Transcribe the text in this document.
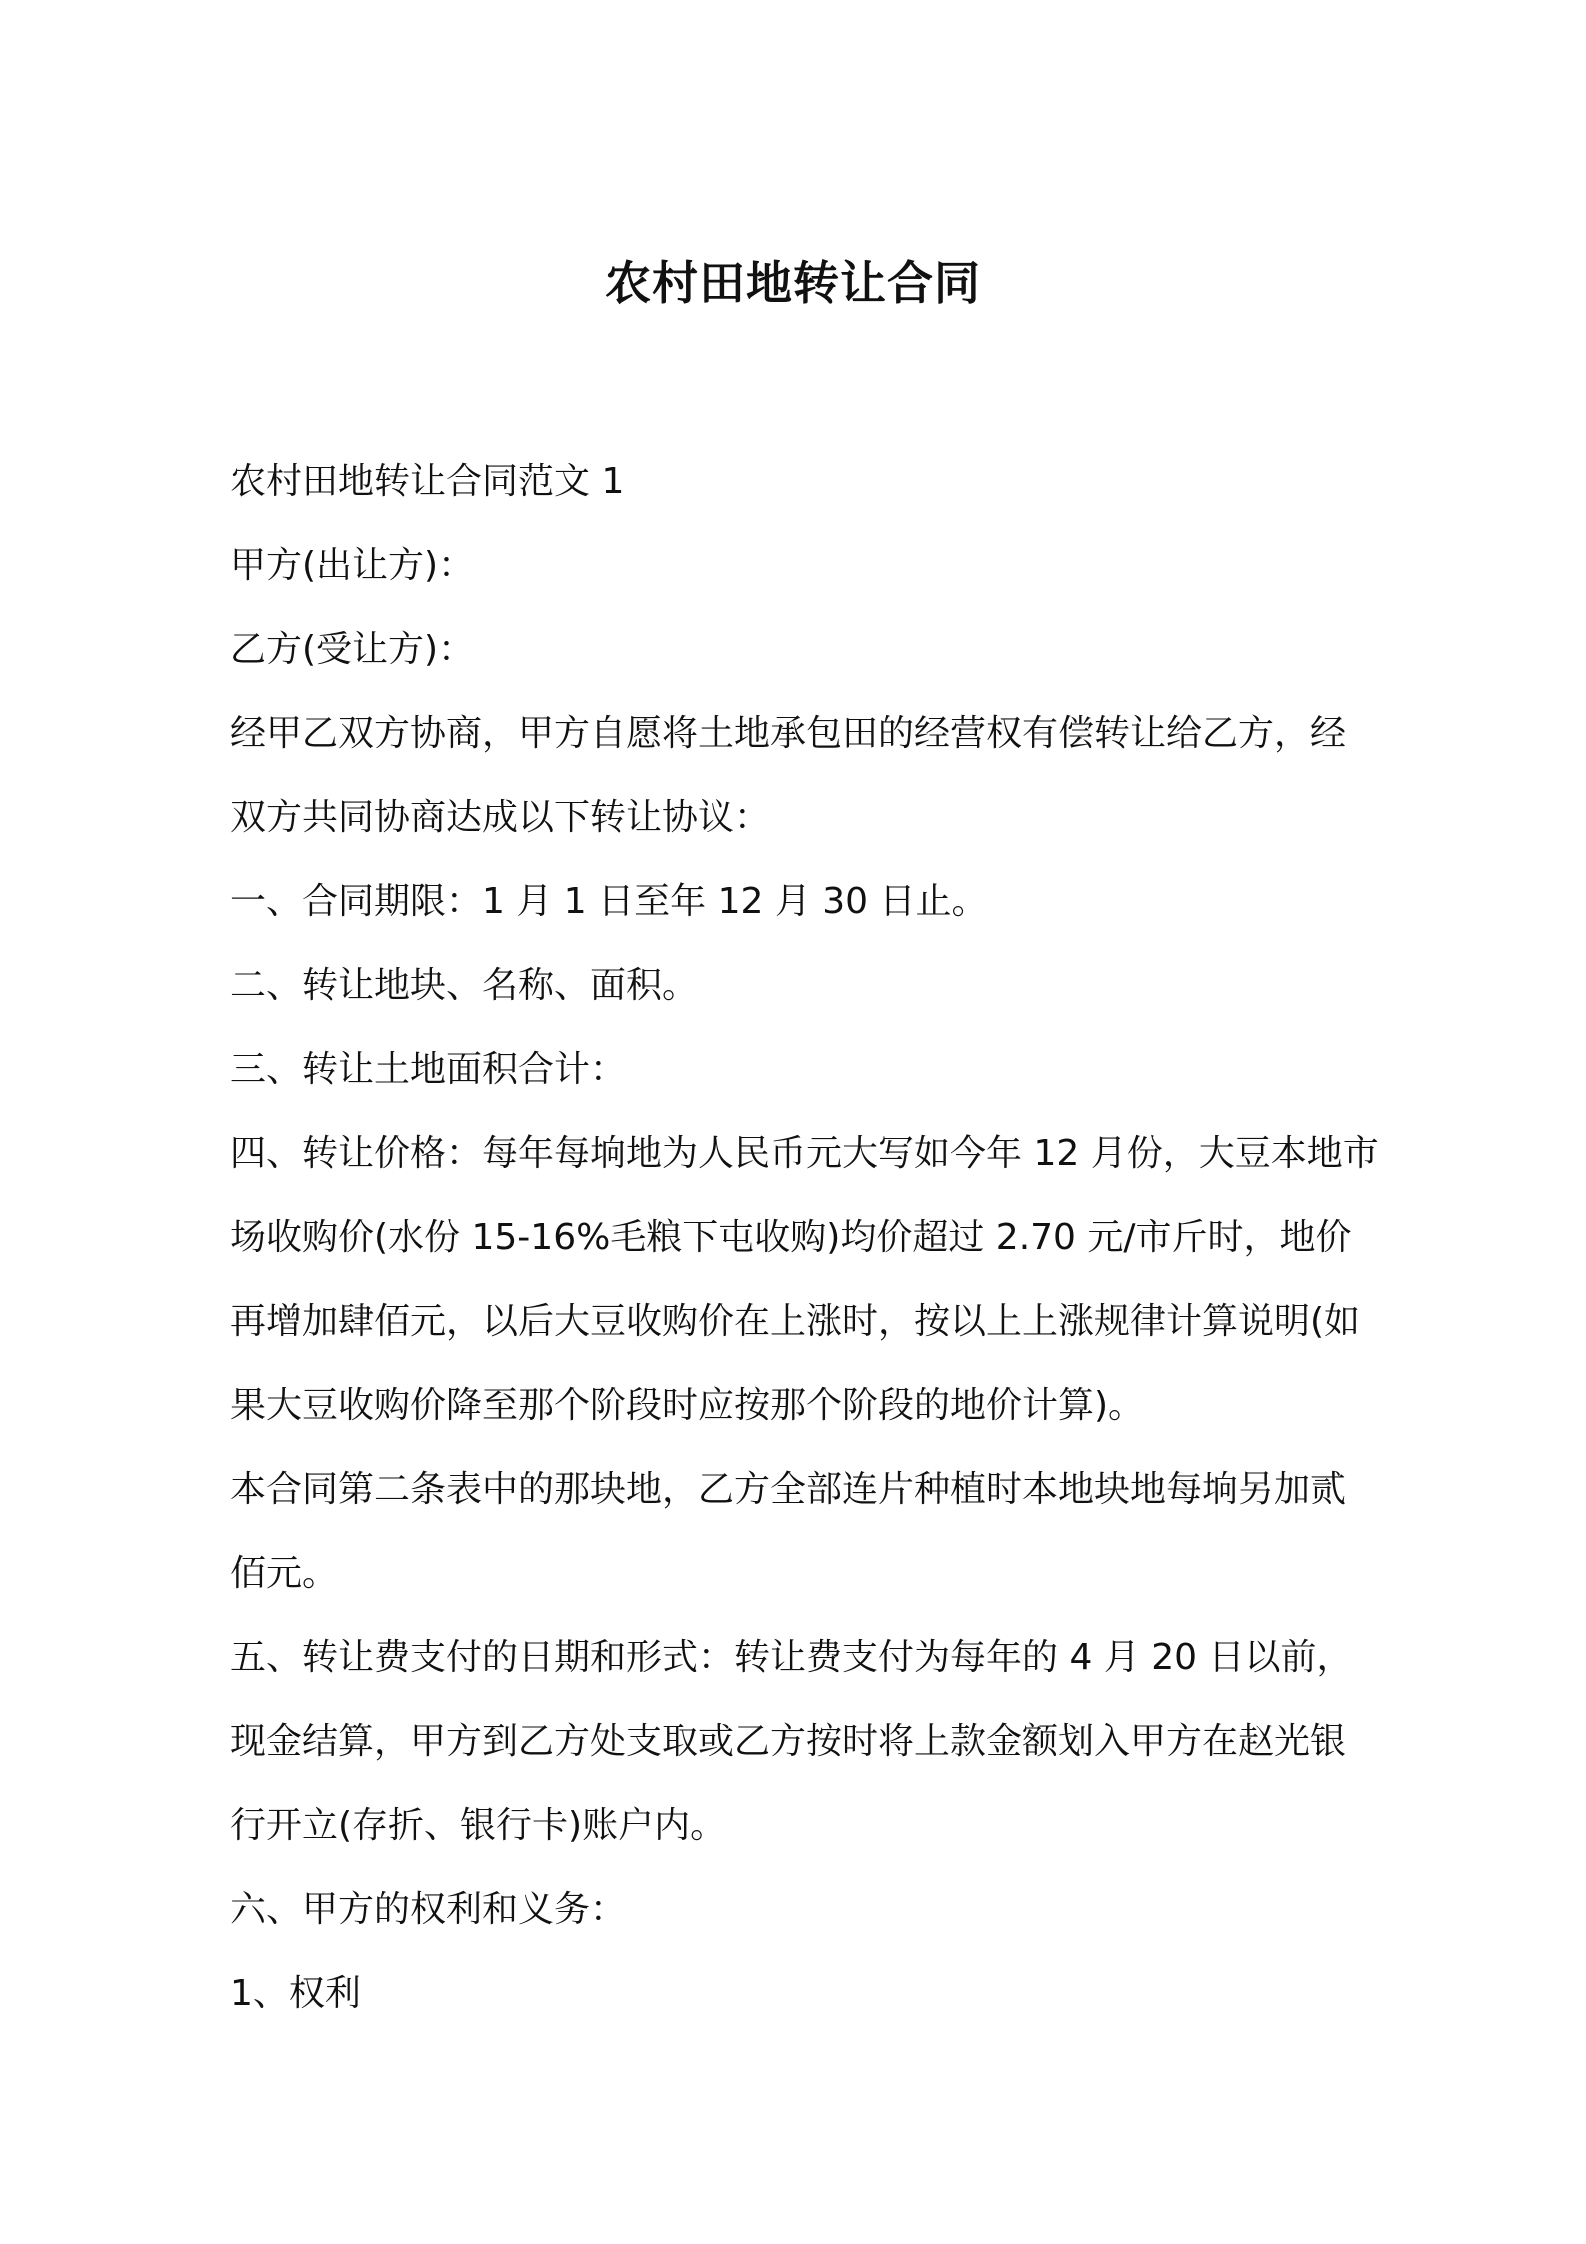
农村田地转让合同

农村田地转让合同范文 1

甲方(出让方)：

乙方(受让方)：

经甲乙双方协商，甲方自愿将土地承包田的经营权有偿转让给乙方，经双方共同协商达成以下转让协议：

一、合同期限：1 月 1 日至年 12 月 30 日止。

二、转让地块、名称、面积。

三、转让土地面积合计：

四、转让价格：每年每垧地为人民币元大写如今年 12 月份，大豆本地市场收购价(水份 15-16%毛粮下屯收购)均价超过 2.70 元/市斤时，地价再增加肆佰元，以后大豆收购价在上涨时，按以上上涨规律计算说明(如果大豆收购价降至那个阶段时应按那个阶段的地价计算)。

本合同第二条表中的那块地，乙方全部连片种植时本地块地每垧另加贰佰元。

五、转让费支付的日期和形式：转让费支付为每年的 4 月 20 日以前，现金结算，甲方到乙方处支取或乙方按时将上款金额划入甲方在赵光银行开立(存折、银行卡)账户内。

六、甲方的权利和义务：

1、权利
